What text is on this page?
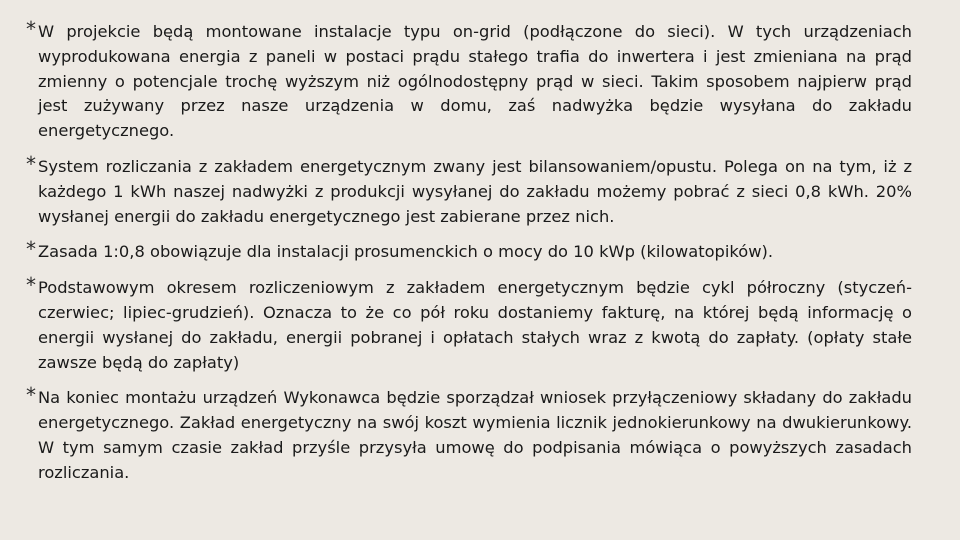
* W projekcie będą montowane instalacje typu on-grid (podłączone do sieci). W tych urządzeniach wyprodukowana energia z paneli w postaci prądu stałego trafia do inwertera i jest zmieniana na prąd zmienny o potencjale trochę wyższym niż ogólnodostępny prąd w sieci. Takim sposobem najpierw prąd jest zużywany przez nasze urządzenia w domu, zaś nadwyżka będzie wysyłana do zakładu energetycznego.
* System rozliczania z zakładem energetycznym zwany jest bilansowaniem/opustu. Polega on na tym, iż z każdego 1 kWh naszej nadwyżki z produkcji wysyłanej do zakładu możemy pobrać z sieci 0,8 kWh. 20% wysłanej energii do zakładu energetycznego jest zabierane przez nich.
* Zasada 1:0,8 obowiązuje dla instalacji prosumenckich o mocy do 10 kWp (kilowatopików).
* Podstawowym okresem rozliczeniowym z zakładem energetycznym będzie cykl półroczny (styczeń-czerwiec; lipiec-grudzień). Oznacza to że co pół roku dostaniemy fakturę, na której będą informację o energii wysłanej do zakładu, energii pobranej i opłatach stałych wraz z kwotą do zapłaty. (opłaty stałe zawsze będą do zapłaty)
* Na koniec montażu urządzeń Wykonawca będzie sporządzał wniosek przyłączeniowy składany do zakładu energetycznego. Zakład energetyczny na swój koszt wymienia licznik jednokierunkowy na dwukierunkowy. W tym samym czasie zakład przyśle przysyła umowę do podpisania mówiąca o powyższych zasadach rozliczania.
